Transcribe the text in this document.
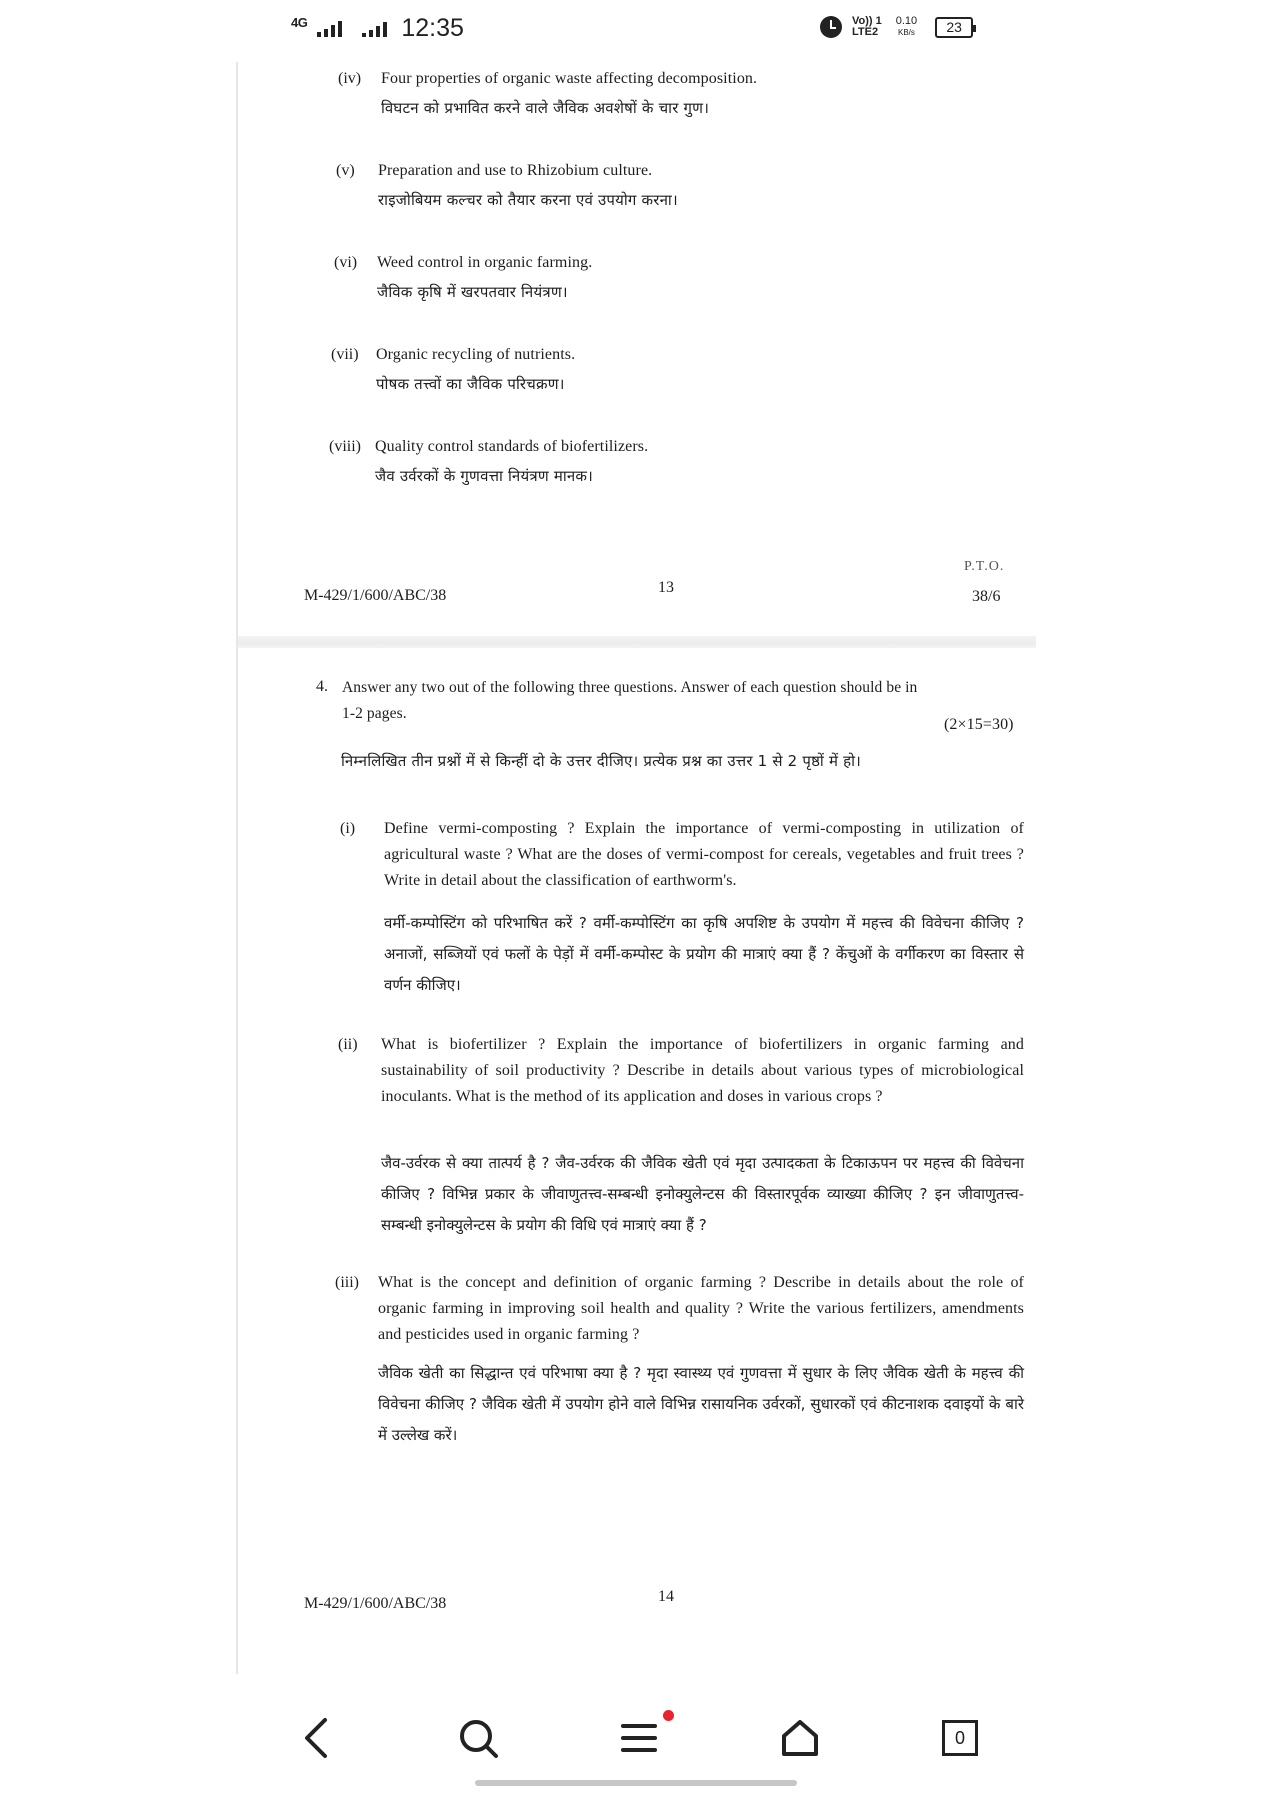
4G	12:35	Vo)) 1
LTE2
0.10
KB/s 23
(iv) Four properties of organic waste affecting decomposition.
विघटन को प्रभावित करने वाले जैविक अवशेषों के चार गुण।
(v) Preparation and use to Rhizobium culture.
राइजोबियम कल्चर को तैयार करना एवं उपयोग करना।
(vi) Weed control in organic farming.
जैविक कृषि में खरपतवार नियंत्रण।
(vii) Organic recycling of nutrients.
पोषक तत्त्वों का जैविक परिचक्रण।
(viii) Quality control standards of biofertilizers.
जैव उर्वरकों के गुणवत्ता नियंत्रण मानक।
M-429/1/600/ABC/38	13
P.T.O.
38/6
4. Answer any two out of the following three questions. Answer of each question should be in
1-2 pages.
(2×15=30)
निम्नलिखित तीन प्रश्नों में से किन्हीं दो के उत्तर दीजिए। प्रत्येक प्रश्न का उत्तर 1 से 2 पृष्ठों में हो।
(i) Define vermi-composting ? Explain the importance of vermi-composting in utilization of agricultural waste ? What are the doses of vermi-compost for cereals, vegetables and fruit trees ? Write in detail about the classification of earthworm's.
वर्मी-कम्पोस्टिंग को परिभाषित करें ? वर्मी-कम्पोस्टिंग का कृषि अपशिष्ट के उपयोग में महत्त्व की विवेचना कीजिए ? अनाजों, सब्जियों एवं फलों के पेड़ों में वर्मी-कम्पोस्ट के प्रयोग की मात्राएं क्या हैं ? केंचुओं के वर्गीकरण का विस्तार से वर्णन कीजिए।
(ii) What is biofertilizer ? Explain the importance of biofertilizers in organic farming and sustainability of soil productivity ? Describe in details about various types of microbiological inoculants. What is the method of its application and doses in various crops ?
जैव-उर्वरक से क्या तात्पर्य है ? जैव-उर्वरक की जैविक खेती एवं मृदा उत्पादकता के टिकाऊपन पर महत्त्व की विवेचना कीजिए ? विभिन्न प्रकार के जीवाणुतत्त्व-सम्बन्धी इनोक्युलेन्टस की विस्तारपूर्वक व्याख्या कीजिए ? इन जीवाणुतत्त्व-सम्बन्धी इनोक्युलेन्टस के प्रयोग की विधि एवं मात्राएं क्या हैं ?
(iii) What is the concept and definition of organic farming ? Describe in details about the role of organic farming in improving soil health and quality ? Write the various fertilizers, amendments and pesticides used in organic farming ?
जैविक खेती का सिद्धान्त एवं परिभाषा क्या है ? मृदा स्वास्थ्य एवं गुणवत्ता में सुधार के लिए जैविक खेती के महत्त्व की विवेचना कीजिए ? जैविक खेती में उपयोग होने वाले विभिन्न रासायनिक उर्वरकों, सुधारकों एवं कीटनाशक दवाइयों के बारे में उल्लेख करें।
M-429/1/600/ABC/38	14
0
